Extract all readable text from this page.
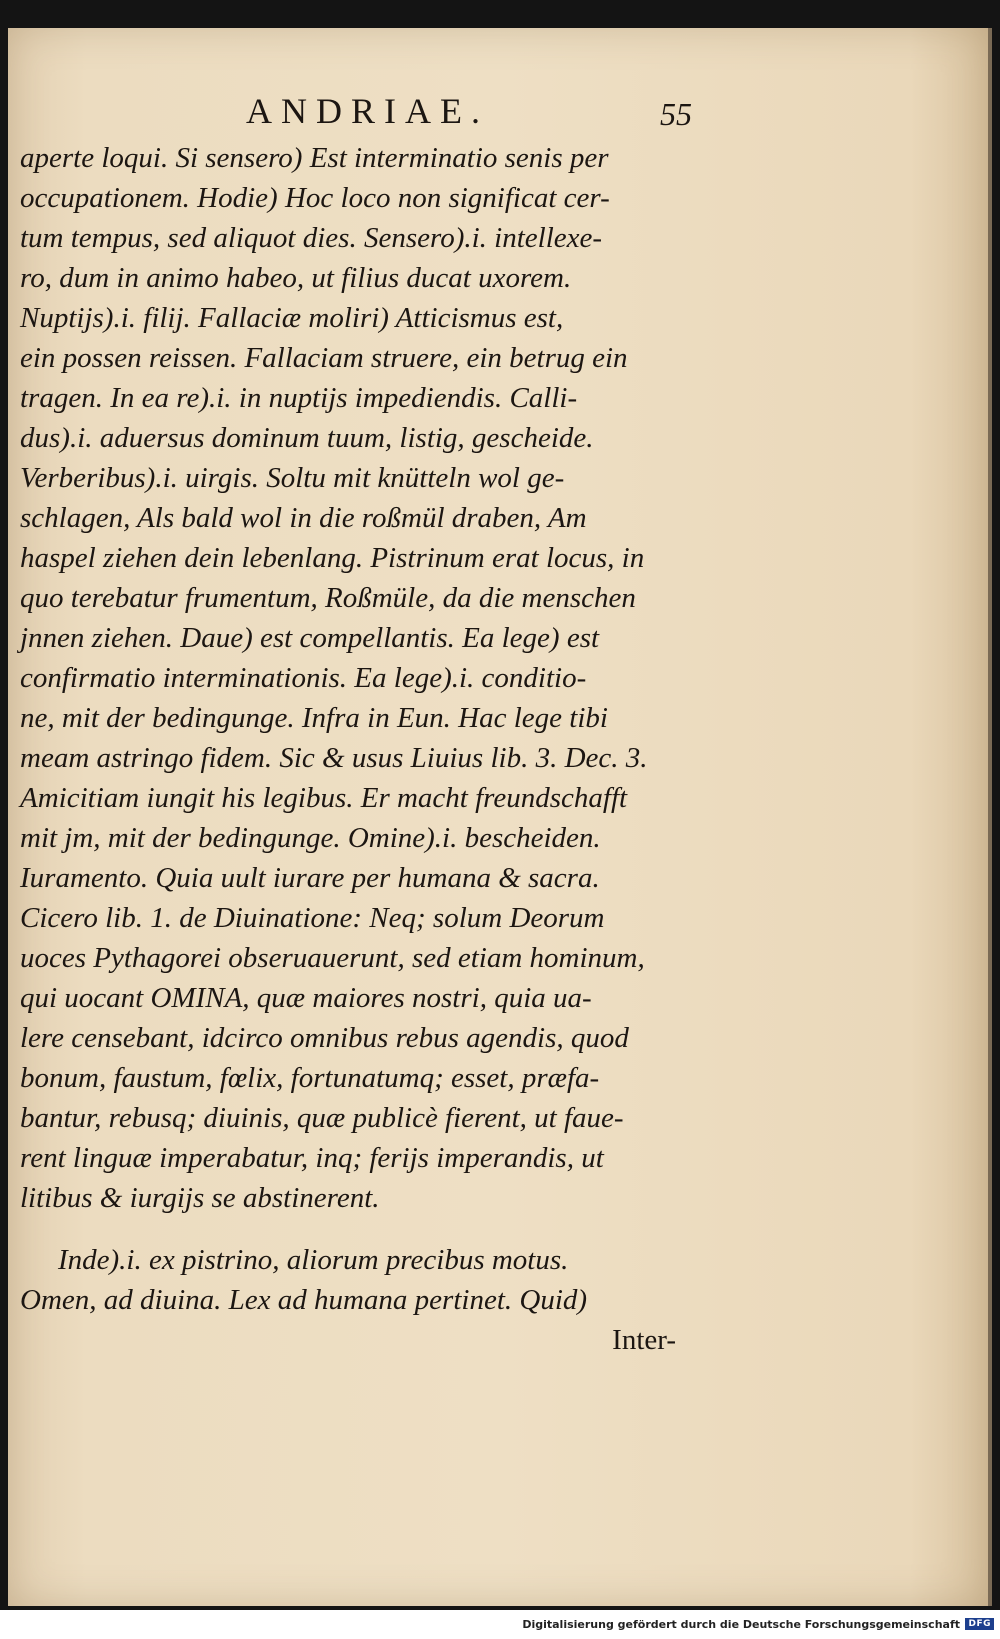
ANDRIAE.	55
aperte loqui. Si sensero) Est interminatio senis per
occupationem. Hodie) Hoc loco non significat cer-
tum tempus, sed aliquot dies. Sensero).i. intellexe-
ro, dum in animo habeo, ut filius ducat uxorem.
Nuptijs).i. filij. Fallaciæ moliri) Atticismus est,
ein possen reissen. Fallaciam struere, ein betrug ein
tragen. In ea re).i. in nuptijs impediendis. Calli-
dus).i. aduersus dominum tuum, listig, gescheide.
Verberibus).i. uirgis. Soltu mit knütteln wol ge-
schlagen, Als bald wol in die roßmül draben, Am
haspel ziehen dein lebenlang. Pistrinum erat locus, in
quo terebatur frumentum, Roßmüle, da die menschen
jnnen ziehen. Daue) est compellantis. Ea lege) est
confirmatio interminationis. Ea lege).i. conditio-
ne, mit der bedingunge. Infra in Eun. Hac lege tibi
meam astringo fidem. Sic & usus Liuius lib. 3. Dec. 3.
Amicitiam iungit his legibus. Er macht freundschafft
mit jm, mit der bedingunge. Omine).i. bescheiden.
Iuramento. Quia uult iurare per humana & sacra.
Cicero lib. 1. de Diuinatione: Neq; solum Deorum
uoces Pythagorei obseruauerunt, sed etiam hominum,
qui uocant OMINA, quæ maiores nostri, quia ua-
lere censebant, idcirco omnibus rebus agendis, quod
bonum, faustum, fœlix, fortunatumq; esset, præfa-
bantur, rebusq; diuinis, quæ publicè fierent, ut faue-
rent linguæ imperabatur, inq; ferijs imperandis, ut
litibus & iurgijs se abstinerent.
Inde).i. ex pistrino, aliorum precibus motus.
Omen, ad diuina. Lex ad humana pertinet. Quid)
Inter-
Digitalisierung gefördert durch die Deutsche Forschungsgemeinschaft DFG
